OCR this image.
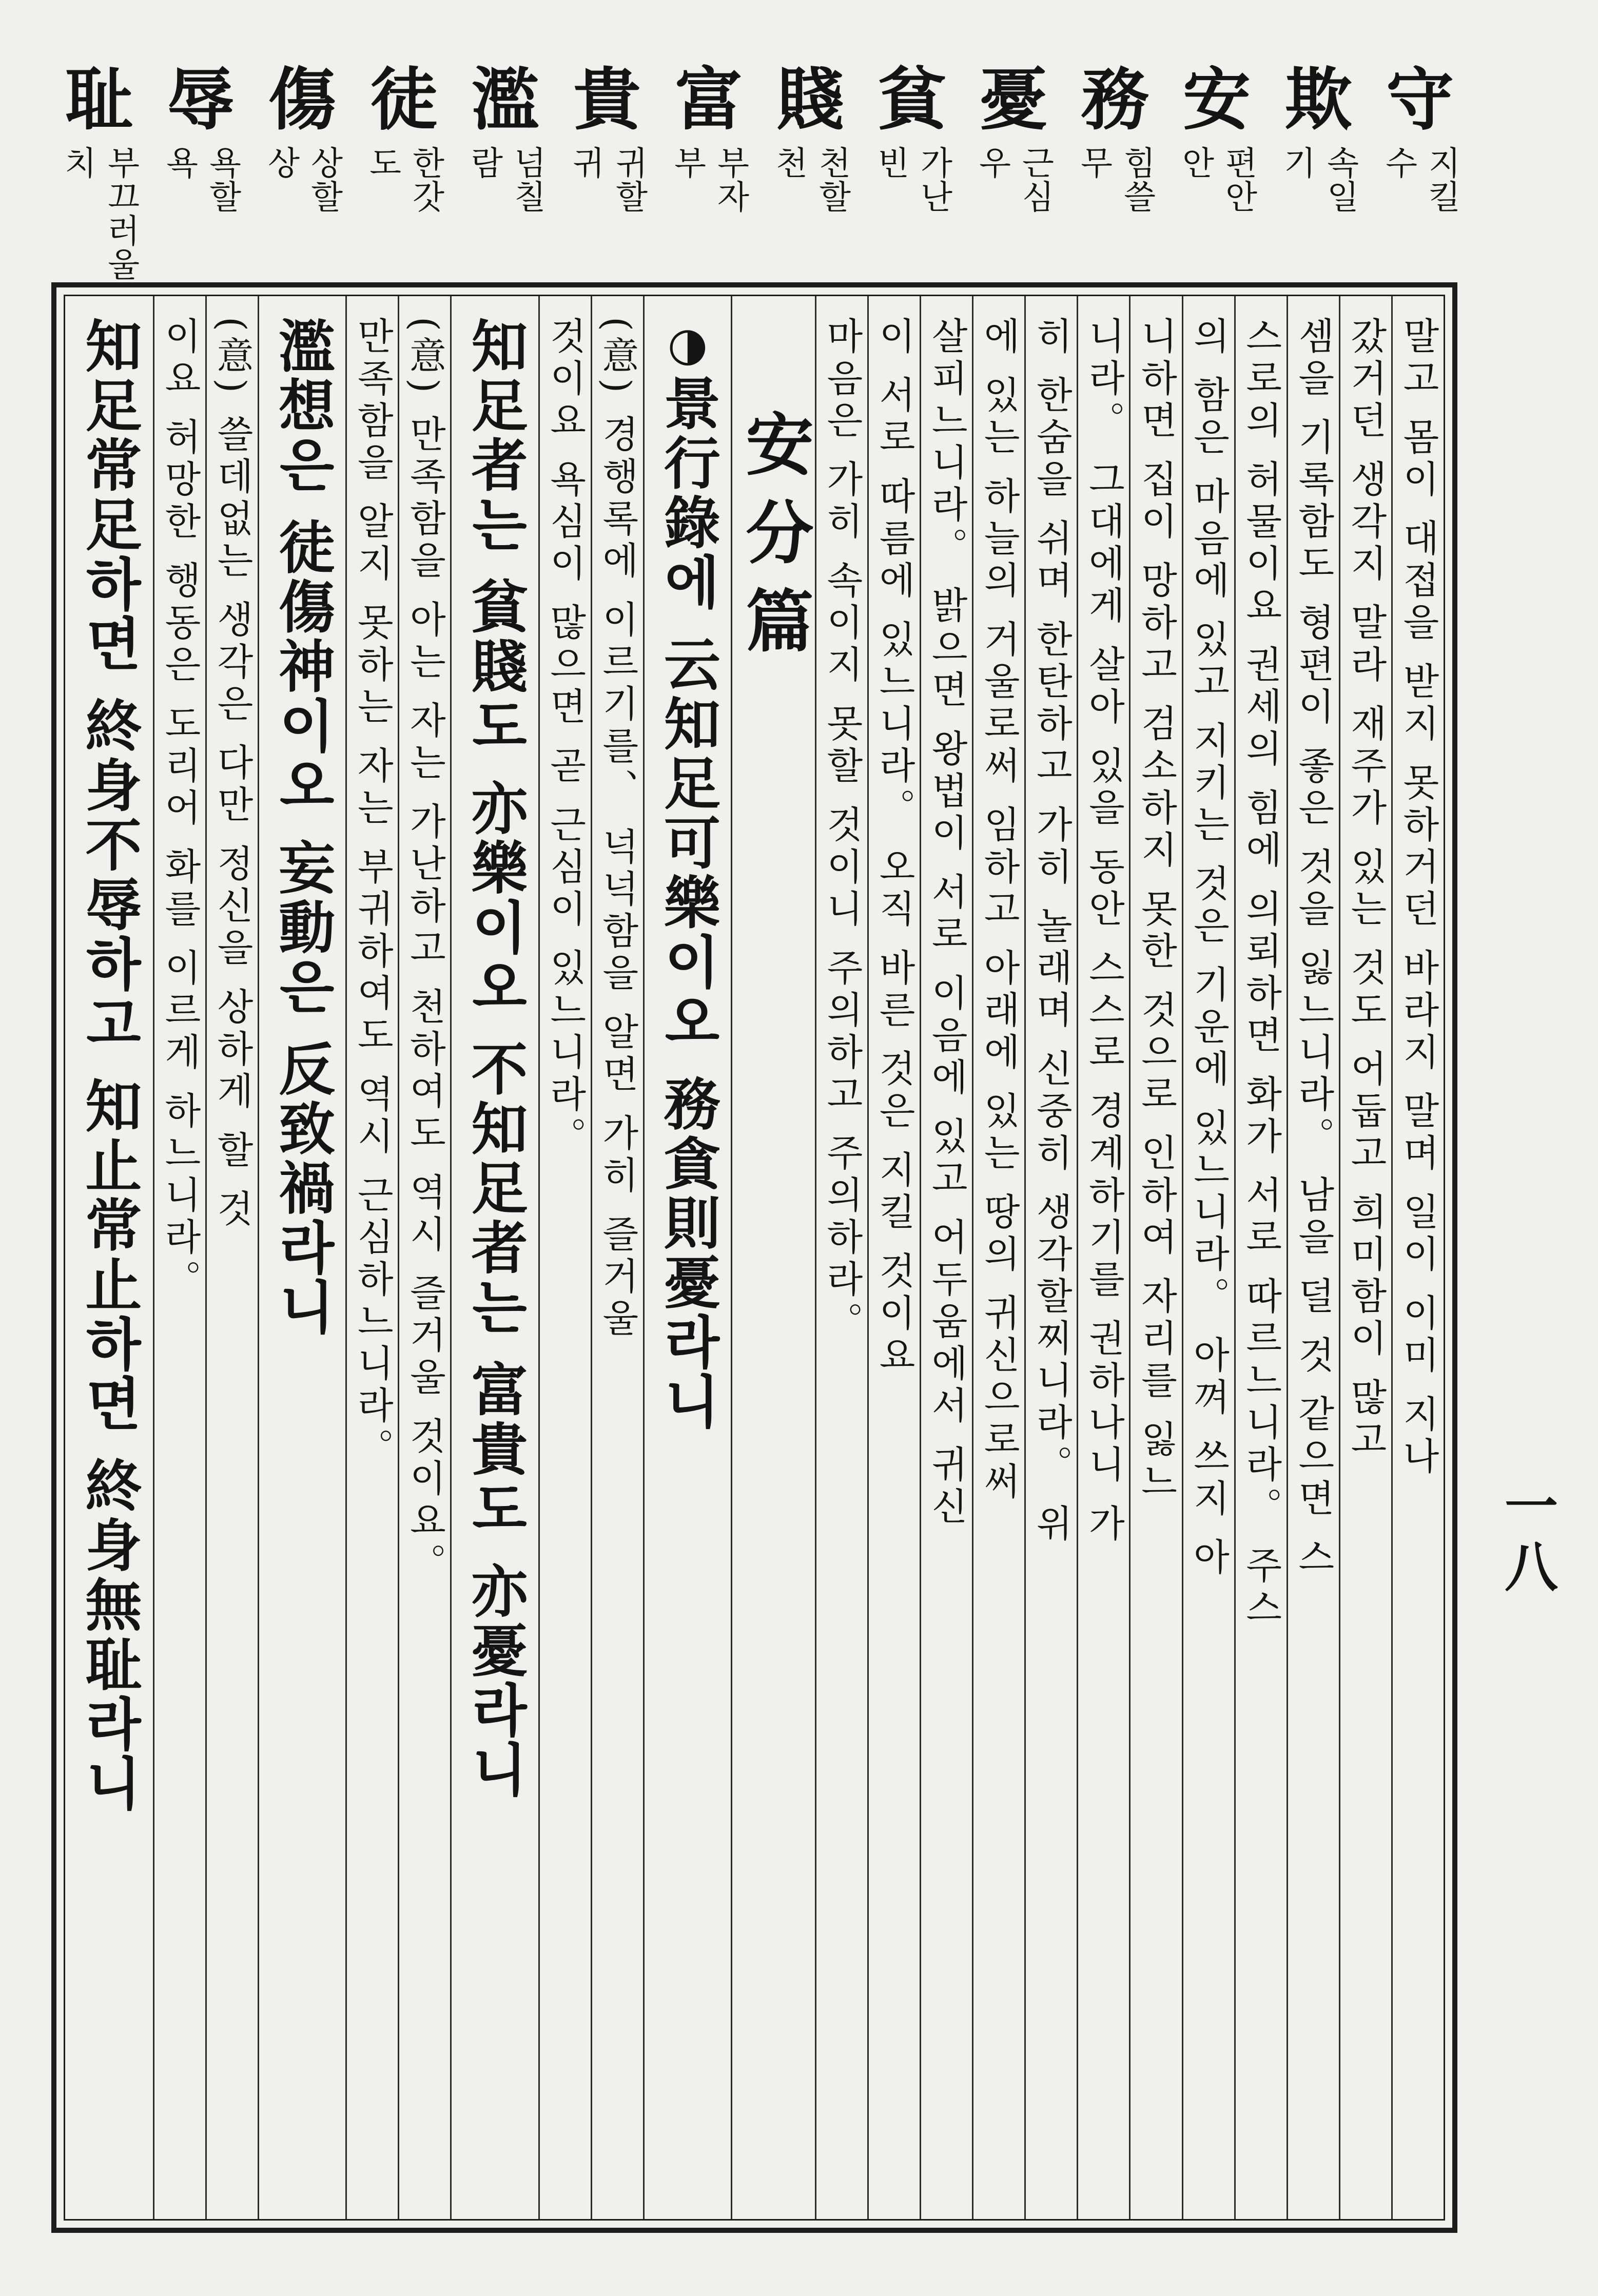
守
지킬
수
欺
속일
기
安
편안
안
務
힘쓸
무
憂
근심
우
貧
가난
빈
賤
천할
천
富
부자
부
貴
귀할
귀
濫
넘칠
람
徒
한갓
도
傷
상할
상
辱
욕할
욕
耻
부끄러울
치
말고 몸이 대접을 받지 못하거던 바라지 말며 일이 이미 지나
갔거던 생각지 말라 재주가 있는 것도 어둡고 희미함이 많고
셈을 기록함도 형편이 좋은 것을 잃느니라。 남을 덜 것 같으면 스
스로의 허물이요 권세의 힘에 의뢰하면 화가 서로 따르느니라。 주스
의 함은 마음에 있고 지키는 것은 기운에 있느니라。 아껴 쓰지 아
니하면 집이 망하고 검소하지 못한 것으로 인하여 자리를 잃느
니라。 그대에게 살아 있을 동안 스스로 경계하기를 권하나니 가
히 한숨을 쉬며 한탄하고 가히 놀래며 신중히 생각할찌니라。 위
에 있는 하늘의 거울로써 임하고 아래에 있는 땅의 귀신으로써
살피느니라。 밝으면 왕법이 서로 이음에 있고 어두움에서 귀신
이 서로 따름에 있느니라。 오직 바른 것은 지킬 것이요
마음은 가히 속이지 못할 것이니 주의하고 주의하라。
安分篇
◑景行錄에 云知足可樂이오 務貪則憂라니
(意) 경행록에 이르기를、 넉넉함을 알면 가히 즐거울
것이요 욕심이 많으면 곧 근심이 있느니라。
知足者는 貧賤도 亦樂이오 不知足者는 富貴도 亦憂라니
(意) 만족함을 아는 자는 가난하고 천하여도 역시 즐거울 것이요。
만족함을 알지 못하는 자는 부귀하여도 역시 근심하느니라。
濫想은 徒傷神이오 妄動은 反致禍라니
(意) 쓸데없는 생각은 다만 정신을 상하게 할 것
이요 허망한 행동은 도리어 화를 이르게 하느니라。
知足常足하면 終身不辱하고 知止常止하면 終身無耻라니	一八
